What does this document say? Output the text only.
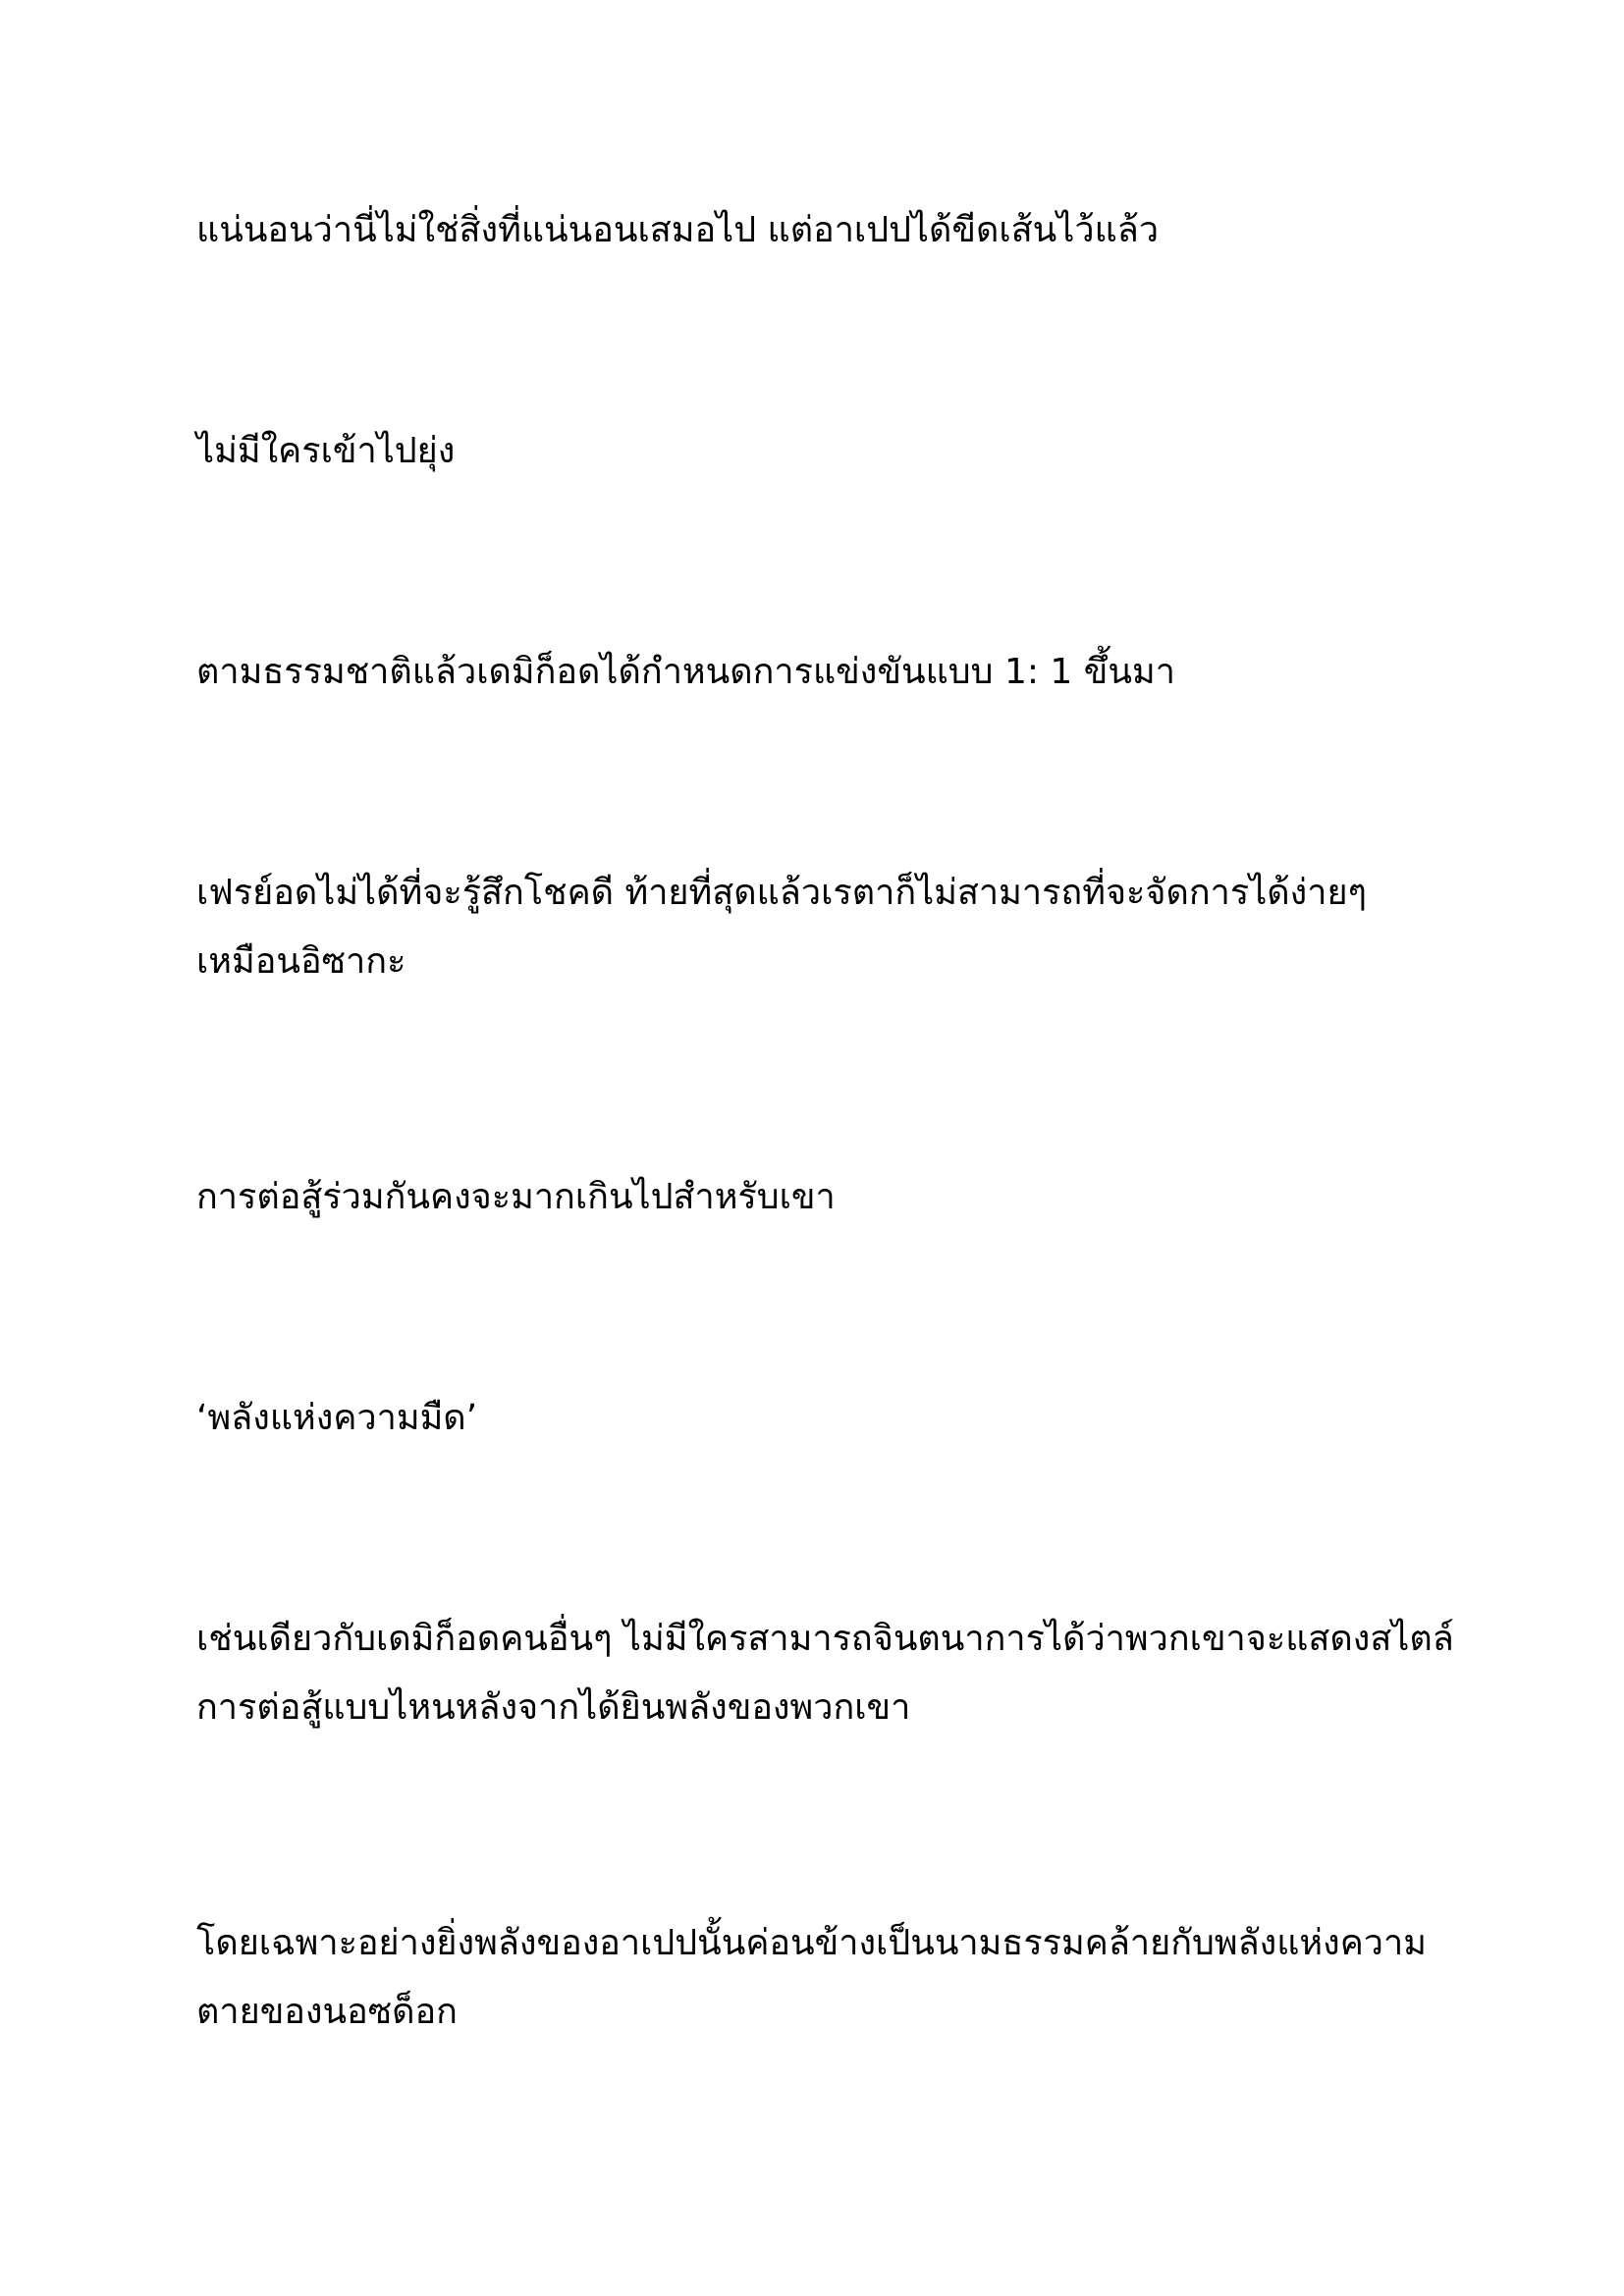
แน่นอนว่านี่ไม่ใช่สิ่งที่แน่นอนเสมอไป แต่อาเปปได้ขีดเส้นไว้แล้ว

ไม่มีใครเข้าไปยุ่ง

ตามธรรมชาติแล้วเดมิก็อดได้กำหนดการแข่งขันแบบ 1: 1 ขึ้นมา

เฟรย์อดไม่ได้ที่จะรู้สึกโชคดี ท้ายที่สุดแล้วเรตาก็ไม่สามารถที่จะจัดการได้ง่ายๆ
เหมือนอิซากะ

การต่อสู้ร่วมกันคงจะมากเกินไปสำหรับเขา

‘พลังแห่งความมืด’

เช่นเดียวกับเดมิก็อดคนอื่นๆ ไม่มีใครสามารถจินตนาการได้ว่าพวกเขาจะแสดงสไตล์
การต่อสู้แบบไหนหลังจากได้ยินพลังของพวกเขา

โดยเฉพาะอย่างยิ่งพลังของอาเปปนั้นค่อนข้างเป็นนามธรรมคล้ายกับพลังแห่งความ
ตายของนอซด็อก
